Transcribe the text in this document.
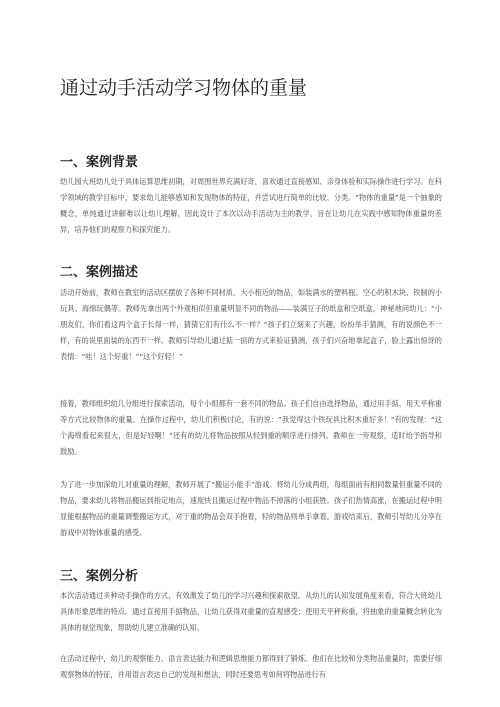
通过动手活动学习物体的重量
一、案例背景

幼儿园大班幼儿处于具体运算思维初期，对周围世界充满好奇，喜欢通过直接感知、亲身体验和实际操作进行学习。在科学领域的教学目标中，要求幼儿能够感知和发现物体的特征，并尝试进行简单的比较、分类。“物体的重量”是一个抽象的概念，单纯通过讲解难以让幼儿理解，因此设计了本次以动手活动为主的教学，旨在让幼儿在实践中感知物体重量的差异，培养他们的观察力和探究能力。

二、案例描述

活动开始前，教师在教室的活动区摆放了各种不同材质、大小相近的物品，如装满水的塑料瓶、空心的积木块、铁制的小玩具、海绵玩偶等。教师先拿出两个外观相似但重量明显不同的物品——装满豆子的纸盒和空纸盒，神秘地问幼儿：“小朋友们，你们看这两个盒子长得一样，猜猜它们有什么不一样？”孩子们立刻来了兴趣，纷纷举手猜测，有的说颜色不一样，有的说里面装的东西不一样。教师引导幼儿通过掂一掂的方式来验证猜测，孩子们兴奋地拿起盒子，脸上露出惊讶的表情：“哇！这个好重！”“这个好轻！”

接着，教师组织幼儿分组进行探索活动，每个小组都有一套不同的物品。孩子们自由选择物品，通过用手掂、用天平称重等方式比较物体的重量。在操作过程中，幼儿们积极讨论，有的说：“我觉得这个铁玩具比积木重好多！”有的发现：“这个海绵看起来很大，但是好轻啊！”还有的幼儿将物品按照从轻到重的顺序进行排列。教师在一旁观察，适时给予指导和鼓励。

为了进一步加深幼儿对重量的理解，教师开展了“搬运小能手”游戏。将幼儿分成两组，每组面前有相同数量但重量不同的物品，要求幼儿将物品搬运到指定地点，速度快且搬运过程中物品不掉落的小组获胜。孩子们热情高涨，在搬运过程中明显能根据物品的重量调整搬运方式，对于重的物品会双手抱着，轻的物品则单手拿着。游戏结束后，教师引导幼儿分享在游戏中对物体重量的感受。

三、案例分析

本次活动通过多种动手操作的方式，有效激发了幼儿的学习兴趣和探索欲望。从幼儿的认知发展角度来看，符合大班幼儿具体形象思维的特点。通过直接用手掂物品，让幼儿获得对重量的直观感受；使用天平秤称重，将抽象的重量概念转化为具体的视觉现象，帮助幼儿建立准确的认知。

在活动过程中，幼儿的观察能力、语言表达能力和逻辑思维能力都得到了锻炼。他们在比较和分类物品重量时，需要仔细观察物体的特征，并用语言表达自己的发现和想法，同时还要思考如何将物品进行有
